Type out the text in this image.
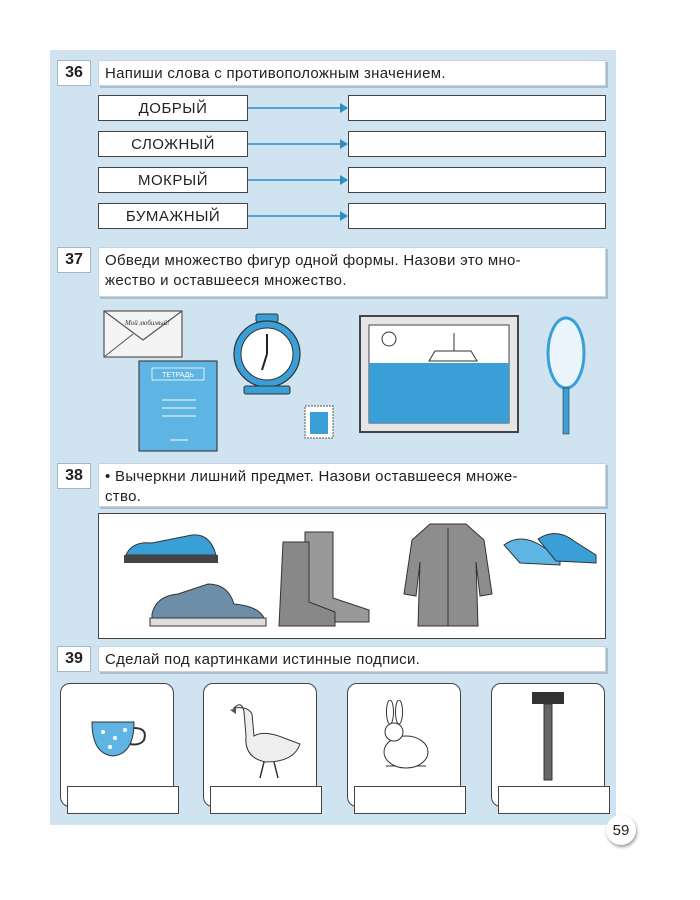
36	Напиши слова с противоположным значением.
ДОБРЫЙ
СЛОЖНЫЙ
МОКРЫЙ
БУМАЖНЫЙ
37	Обведи множество фигур одной формы. Назови это мно-
жество и оставшееся множество.
Мой любимый!
ТЕТРАДЬ
38	• Вычеркни лишний предмет. Назови оставшееся множе-
ство.
39	Сделай под картинками истинные подписи.
59
